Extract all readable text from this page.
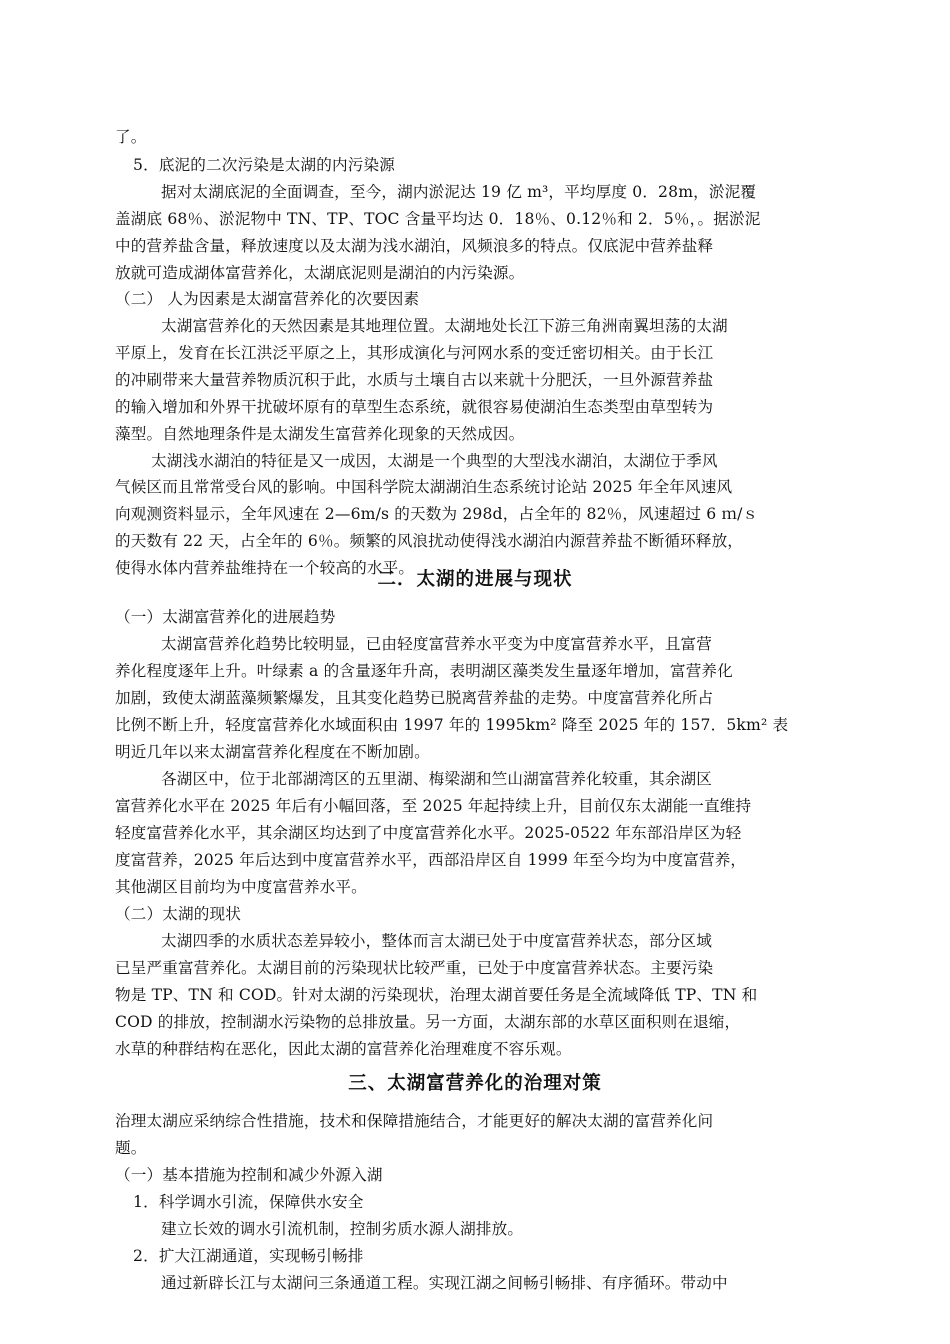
了。
5．底泥的二次污染是太湖的内污染源
据对太湖底泥的全面调查，至今，湖内淤泥达 19 亿 m³，平均厚度 0．28m，淤泥覆
盖湖底 68％、淤泥物中 TN、TP、TOC 含量平均达 0．18％、0.12％和 2．5％，。据淤泥
中的营养盐含量，释放速度以及太湖为浅水湖泊，风频浪多的特点。仅底泥中营养盐释
放就可造成湖体富营养化，太湖底泥则是湖泊的内污染源。
（二） 人为因素是太湖富营养化的次要因素
太湖富营养化的天然因素是其地理位置。太湖地处长江下游三角洲南翼坦荡的太湖
平原上，发育在长江洪泛平原之上，其形成演化与河网水系的变迁密切相关。由于长江
的冲刷带来大量营养物质沉积于此，水质与土壤自古以来就十分肥沃，一旦外源营养盐
的输入增加和外界干扰破坏原有的草型生态系统，就很容易使湖泊生态类型由草型转为
藻型。自然地理条件是太湖发生富营养化现象的天然成因。
太湖浅水湖泊的特征是又一成因，太湖是一个典型的大型浅水湖泊，太湖位于季风
气候区而且常常受台风的影响。中国科学院太湖湖泊生态系统讨论站 2025 年全年风速风
向观测资料显示，全年风速在 2—6m/s 的天数为 298d，占全年的 82％，风速超过 6 ｍ/ｓ
的天数有 22 天，占全年的 6％。频繁的风浪扰动使得浅水湖泊内源营养盐不断循环释放，
使得水体内营养盐维持在一个较高的水平。
二．太湖的进展与现状
（一）太湖富营养化的进展趋势
太湖富营养化趋势比较明显，已由轻度富营养水平变为中度富营养水平，且富营
养化程度逐年上升。叶绿素 a 的含量逐年升高，表明湖区藻类发生量逐年增加，富营养化
加剧，致使太湖蓝藻频繁爆发，且其变化趋势已脱离营养盐的走势。中度富营养化所占
比例不断上升，轻度富营养化水域面积由 1997 年的 1995km² 降至 2025 年的 157．5km² 表
明近几年以来太湖富营养化程度在不断加剧。
各湖区中，位于北部湖湾区的五里湖、梅梁湖和竺山湖富营养化较重，其余湖区
富营养化水平在 2025 年后有小幅回落，至 2025 年起持续上升，目前仅东太湖能一直维持
轻度富营养化水平，其余湖区均达到了中度富营养化水平。2025-0522 年东部沿岸区为轻
度富营养，2025 年后达到中度富营养水平，西部沿岸区自 1999 年至今均为中度富营养，
其他湖区目前均为中度富营养水平。
（二）太湖的现状
太湖四季的水质状态差异较小，整体而言太湖已处于中度富营养状态，部分区域
已呈严重富营养化。太湖目前的污染现状比较严重，已处于中度富营养状态。主要污染
物是 TP、TN 和 COD。针对太湖的污染现状，治理太湖首要任务是全流域降低 TP、TN 和
COD 的排放，控制湖水污染物的总排放量。另一方面，太湖东部的水草区面积则在退缩，
水草的种群结构在恶化，因此太湖的富营养化治理难度不容乐观。
三、太湖富营养化的治理对策
治理太湖应采纳综合性措施，技术和保障措施结合，才能更好的解决太湖的富营养化问
题。
（一）基本措施为控制和减少外源入湖
1．科学调水引流，保障供水安全
建立长效的调水引流机制，控制劣质水源人湖排放。
2．扩大江湖通道，实现畅引畅排
通过新辟长江与太湖问三条通道工程。实现江湖之间畅引畅排、有序循环。带动中
